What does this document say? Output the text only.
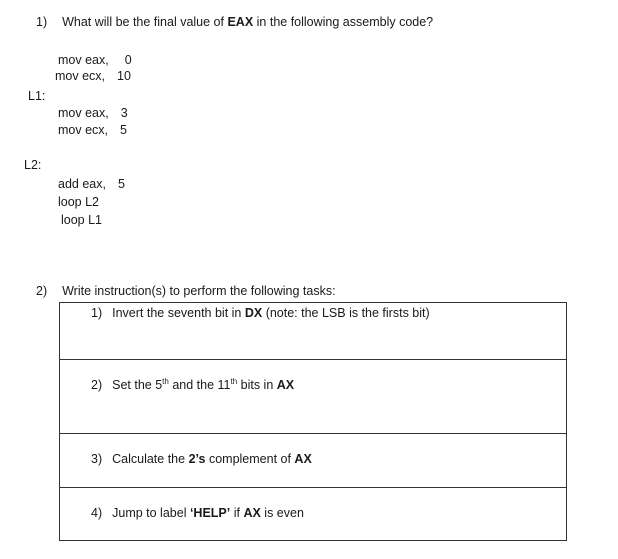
1) What will be the final value of EAX in the following assembly code?
mov eax, 0
mov ecx, 10
L1:
mov eax, 3
mov ecx, 5
L2:
add eax, 5
loop L2
loop L1
2) Write instruction(s) to perform the following tasks:
1) Invert the seventh bit in DX (note: the LSB is the firsts bit)

2) Set the 5th and the 11th bits in AX

3) Calculate the 2’s complement of AX

4) Jump to label ‘HELP’ if AX is even
